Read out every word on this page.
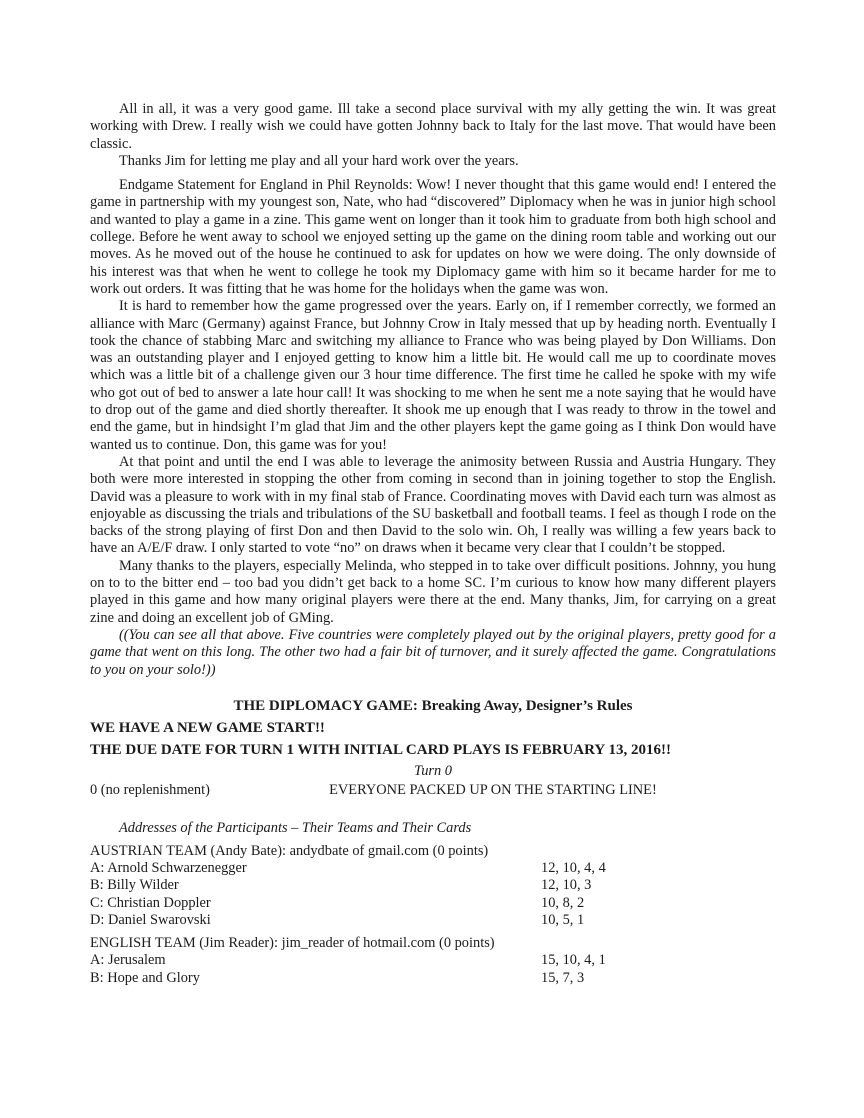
All in all, it was a very good game. Ill take a second place survival with my ally getting the win. It was great working with Drew. I really wish we could have gotten Johnny back to Italy for the last move. That would have been classic.

Thanks Jim for letting me play and all your hard work over the years.

Endgame Statement for England in Phil Reynolds: Wow! I never thought that this game would end! I entered the game in partnership with my youngest son, Nate, who had “discovered” Diplomacy when he was in junior high school and wanted to play a game in a zine. This game went on longer than it took him to graduate from both high school and college. Before he went away to school we enjoyed setting up the game on the dining room table and working out our moves. As he moved out of the house he continued to ask for updates on how we were doing. The only downside of his interest was that when he went to college he took my Diplomacy game with him so it became harder for me to work out orders. It was fitting that he was home for the holidays when the game was won.

It is hard to remember how the game progressed over the years. Early on, if I remember correctly, we formed an alliance with Marc (Germany) against France, but Johnny Crow in Italy messed that up by heading north. Eventually I took the chance of stabbing Marc and switching my alliance to France who was being played by Don Williams. Don was an outstanding player and I enjoyed getting to know him a little bit. He would call me up to coordinate moves which was a little bit of a challenge given our 3 hour time difference. The first time he called he spoke with my wife who got out of bed to answer a late hour call! It was shocking to me when he sent me a note saying that he would have to drop out of the game and died shortly thereafter. It shook me up enough that I was ready to throw in the towel and end the game, but in hindsight I’m glad that Jim and the other players kept the game going as I think Don would have wanted us to continue. Don, this game was for you!

At that point and until the end I was able to leverage the animosity between Russia and Austria Hungary. They both were more interested in stopping the other from coming in second than in joining together to stop the English. David was a pleasure to work with in my final stab of France. Coordinating moves with David each turn was almost as enjoyable as discussing the trials and tribulations of the SU basketball and football teams. I feel as though I rode on the backs of the strong playing of first Don and then David to the solo win. Oh, I really was willing a few years back to have an A/E/F draw. I only started to vote “no” on draws when it became very clear that I couldn’t be stopped.

Many thanks to the players, especially Melinda, who stepped in to take over difficult positions. Johnny, you hung on to to the bitter end – too bad you didn’t get back to a home SC. I’m curious to know how many different players played in this game and how many original players were there at the end. Many thanks, Jim, for carrying on a great zine and doing an excellent job of GMing.

((You can see all that above. Five countries were completely played out by the original players, pretty good for a game that went on this long. The other two had a fair bit of turnover, and it surely affected the game. Congratulations to you on your solo!))

THE DIPLOMACY GAME: Breaking Away, Designer’s Rules
WE HAVE A NEW GAME START!!
THE DUE DATE FOR TURN 1 WITH INITIAL CARD PLAYS IS FEBRUARY 13, 2016!!
Turn 0
0 (no replenishment)	EVERYONE PACKED UP ON THE STARTING LINE!

Addresses of the Participants – Their Teams and Their Cards

AUSTRIAN TEAM (Andy Bate): andydbate of gmail.com (0 points)
A: Arnold Schwarzenegger	12, 10, 4, 4
B: Billy Wilder	12, 10, 3
C: Christian Doppler	10, 8, 2
D: Daniel Swarovski	10, 5, 1
ENGLISH TEAM (Jim Reader): jim_reader of hotmail.com (0 points)
A: Jerusalem	15, 10, 4, 1
B: Hope and Glory	15, 7, 3
